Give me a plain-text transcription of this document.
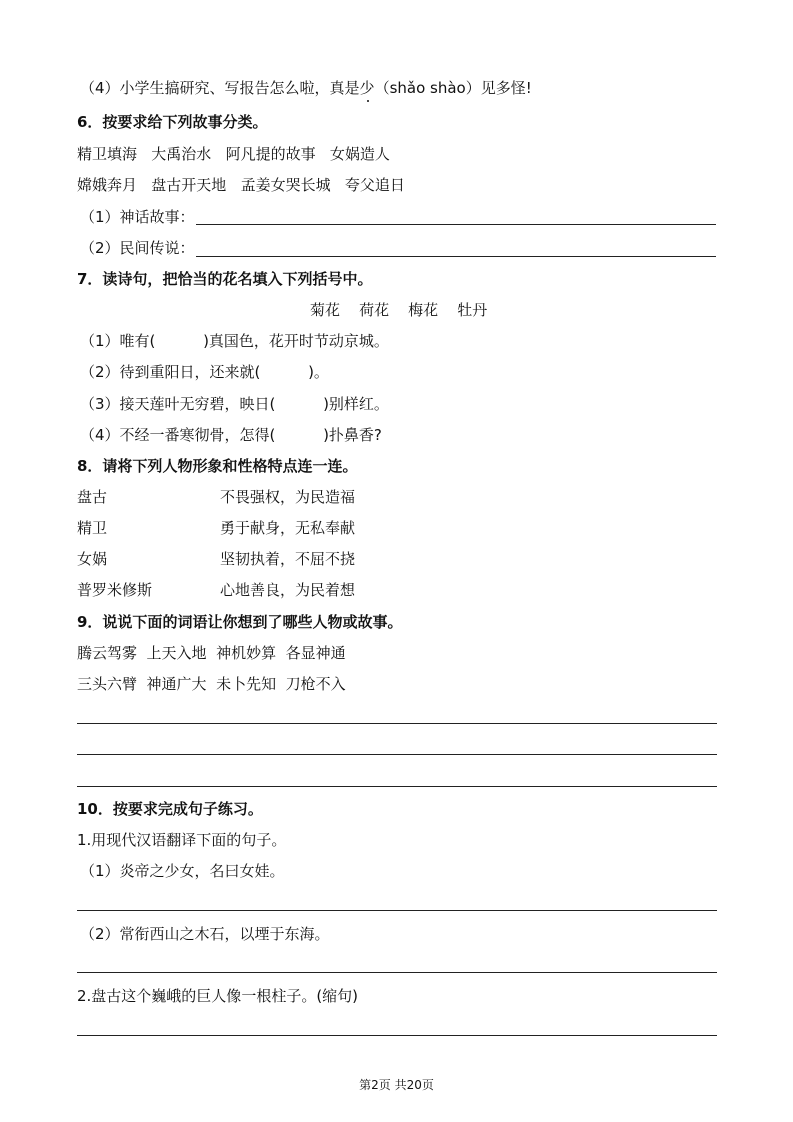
（4）小学生搞研究、写报告怎么啦，真是少（shǎo shào）见多怪!
6．按要求给下列故事分类。
精卫填海   大禹治水   阿凡提的故事   女娲造人
嫦娥奔月   盘古开天地   孟姜女哭长城   夸父追日
（1）神话故事：
（2）民间传说：
7．读诗句，把恰当的花名填入下列括号中。
菊花    荷花    梅花    牡丹
（1）唯有(          )真国色，花开时节动京城。
（2）待到重阳日，还来就(          )。
（3）接天莲叶无穷碧，映日(          )别样红。
（4）不经一番寒彻骨，怎得(          )扑鼻香?
8．请将下列人物形象和性格特点连一连。
盘古	不畏强权，为民造福
精卫	勇于献身，无私奉献
女娲	坚韧执着，不屈不挠
普罗米修斯	心地善良，为民着想
9．说说下面的词语让你想到了哪些人物或故事。
腾云驾雾  上天入地  神机妙算  各显神通
三头六臂  神通广大  未卜先知  刀枪不入
10．按要求完成句子练习。
1.用现代汉语翻译下面的句子。
（1）炎帝之少女，名曰女娃。
（2）常衔西山之木石，以堙于东海。
2.盘古这个巍峨的巨人像一根柱子。(缩句)
第2页 共20页
